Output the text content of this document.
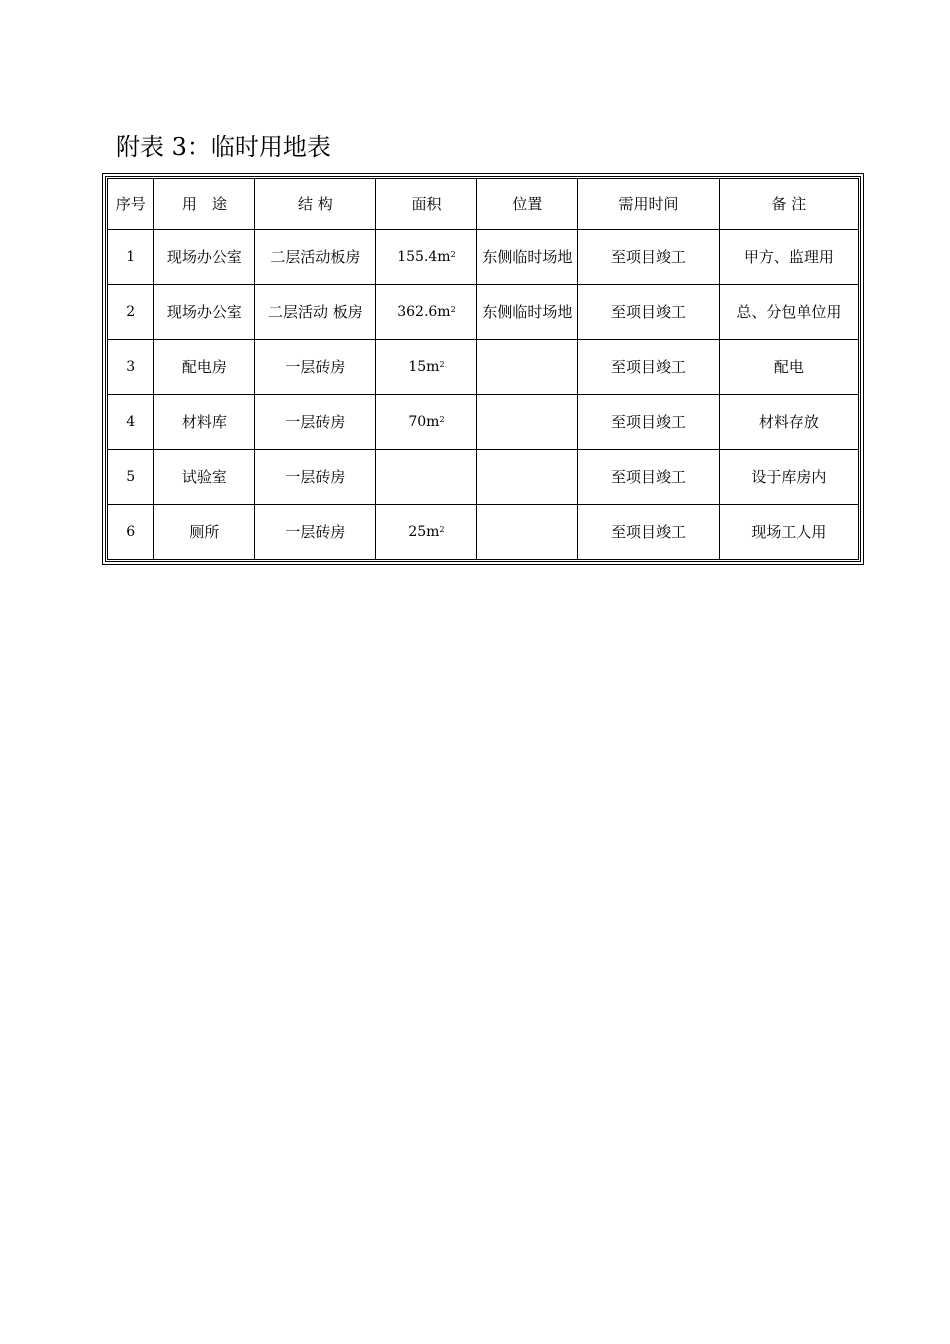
附表 3：临时用地表
序号	用　途	结 构	面积	位置	需用时间	备 注
1	现场办公室	二层活动板房	$155.4m^2$	东侧临时场地	至项目竣工	甲方、监理用
2	现场办公室	二层活动 板房	$362.6m^2$	东侧临时场地	至项目竣工	总、分包单位用
3	配电房	一层砖房	$15m^2$		至项目竣工	配电
4	材料库	一层砖房	$70m^2$		至项目竣工	材料存放
5	试验室	一层砖房			至项目竣工	设于库房内
6	厕所	一层砖房	$25m^2$		至项目竣工	现场工人用
